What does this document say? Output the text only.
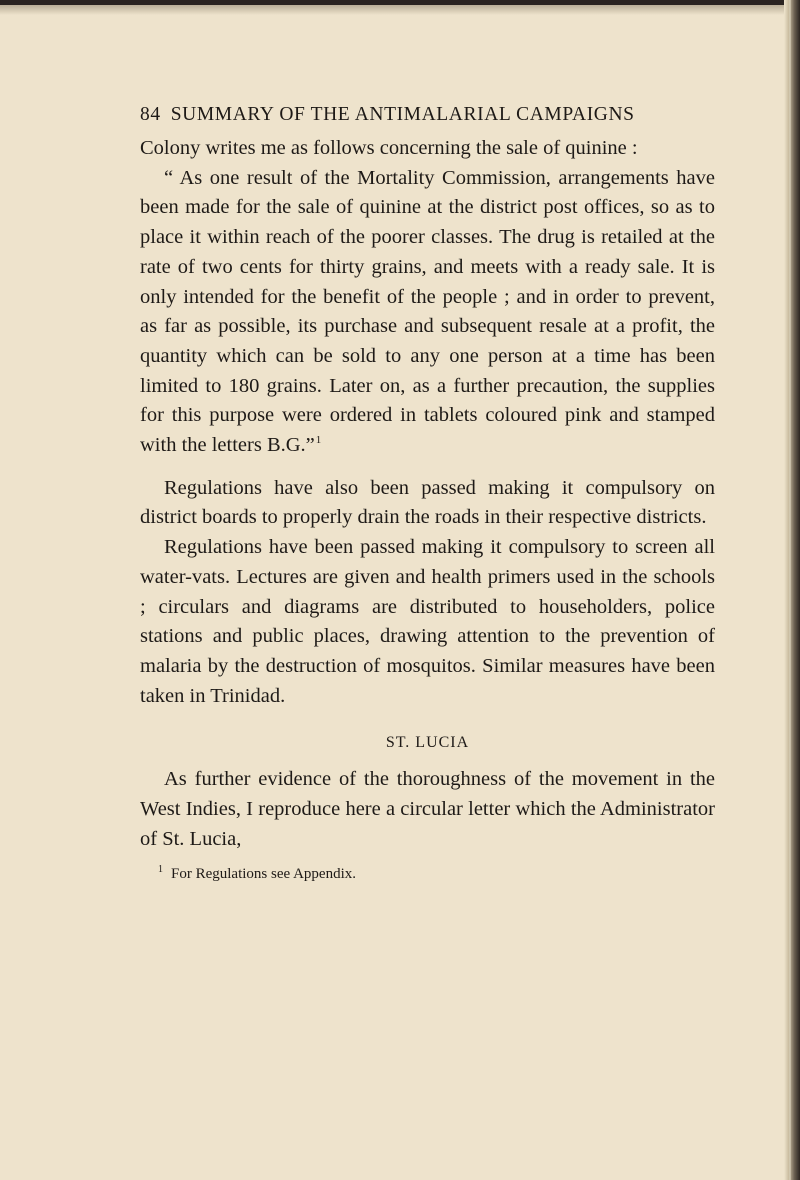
84 SUMMARY OF THE ANTIMALARIAL CAMPAIGNS

Colony writes me as follows concerning the sale of quinine :

“ As one result of the Mortality Commission, arrangements have been made for the sale of quinine at the district post offices, so as to place it within reach of the poorer classes. The drug is retailed at the rate of two cents for thirty grains, and meets with a ready sale. It is only intended for the benefit of the people ; and in order to prevent, as far as possible, its purchase and subsequent resale at a profit, the quantity which can be sold to any one person at a time has been limited to 180 grains. Later on, as a further precaution, the supplies for this purpose were ordered in tablets coloured pink and stamped with the letters B.G.”$^1$

Regulations have also been passed making it compulsory on district boards to properly drain the roads in their respective districts.

Regulations have been passed making it compulsory to screen all water-vats. Lectures are given and health primers used in the schools ; circulars and diagrams are distributed to householders, police stations and public places, drawing attention to the prevention of malaria by the destruction of mosquitos. Similar measures have been taken in Trinidad.

ST. LUCIA

As further evidence of the thoroughness of the movement in the West Indies, I reproduce here a circular letter which the Administrator of St. Lucia,

$^1$ For Regulations see Appendix.
